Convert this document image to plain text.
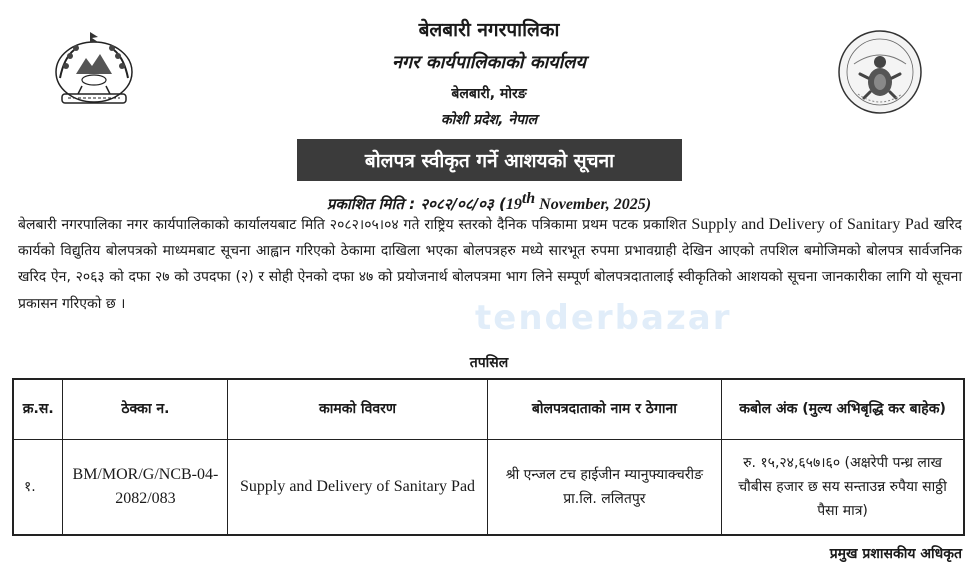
बेलबारी नगरपालिका
नगर कार्यपालिकाको कार्यालय
बेलबारी, मोरङ
कोशी प्रदेश, नेपाल
बोलपत्र स्वीकृत गर्ने आशयको सूचना
प्रकाशित मिति : २०८२/०८/०३ (19th November, 2025)
बेलबारी नगरपालिका नगर कार्यपालिकाको कार्यालयबाट मिति २०८२।०५।०४ गते राष्ट्रिय स्तरको दैनिक पत्रिकामा प्रथम पटक प्रकाशित Supply and Delivery of Sanitary Pad खरिद कार्यको विद्युतिय बोलपत्रको माध्यमबाट सूचना आह्वान गरिएको ठेकामा दाखिला भएका बोलपत्रहरु मध्ये सारभूत रुपमा प्रभावग्राही देखिन आएको तपशिल बमोजिमको बोलपत्र सार्वजनिक खरिद ऐन, २०६३ को दफा २७ को उपदफा (२) र सोही ऐनको दफा ४७ को प्रयोजनार्थ बोलपत्रमा भाग लिने सम्पूर्ण बोलपत्रदातालाई स्वीकृतिको आशयको सूचना जानकारीका लागि यो सूचना प्रकासन गरिएको छ ।	tenderbazar
तपसिल
क्र.स.	ठेक्का न.	कामको विवरण	बोलपत्रदाताको नाम र ठेगाना	कबोल अंक (मुल्य अभिबृद्धि कर बाहेक)
१.	BM/MOR/G/NCB-04-2082/083	Supply and Delivery of Sanitary Pad	श्री एन्जल टच हाईजीन म्यानुफ्याक्चरीङ प्रा.लि. ललितपुर	रु. १५,२४,६५७।६० (अक्षरेपी पन्ध्र लाख चौबीस हजार छ सय सन्ताउन्न रुपैया साठ्ठी पैसा मात्र)
प्रमुख प्रशासकीय अधिकृत
